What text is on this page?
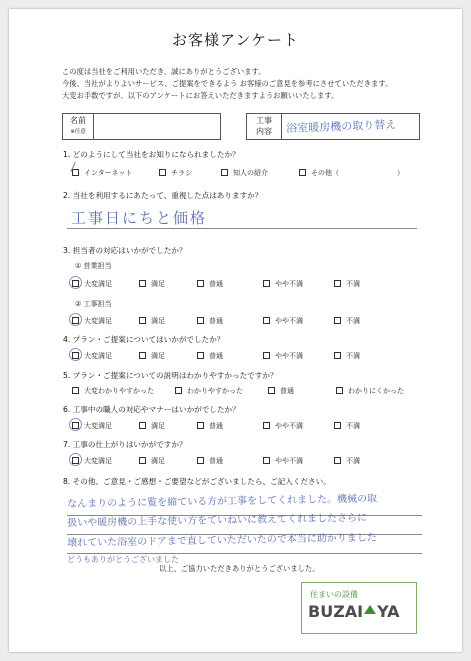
お客様アンケート
この度は当社をご利用いただき、誠にありがとうございます。
今後、当社がよりよいサービス、ご提案をできるよう お客様のご意見を参考にさせていただきます。
大変お手数ですが、以下のアンケートにお答えいただきますようお願いいたします。
名前
※任意
工事
内容	浴室暖房機の取り替え
1. どのようにして当社をお知りになられましたか？
インターネット
/	チラシ	知人の紹介	その他（	）
2. 当社を利用するにあたって、重視した点はありますか？
工事日にちと価格
3. 担当者の対応はいかがでしたか？
① 営業担当
② 工事担当
4. プラン・ご提案についてはいかがでしたか？
5. プラン・ご提案についての説明はわかりやすかったですか？
大変わかりやすかった	わかりやすかった	普通	わかりにくかった
6. 工事中の職人の対応やマナーはいかがでしたか？
7. 工事の仕上がりはいかがですか？
8. その他、ご意見・ご感想・ご要望などがございましたら、ご記入ください。
なんまりのように覧を縮ている方が工事をしてくれました。機械の取
扱いや暖房機の上手な使い方をていねいに教えてくれましたさらに
壊れていた浴室のドアまで直していただいたので本当に助かりました
どうもありがとうございました
以上、ご協力いただきありがとうございました。
住まいの設備
BUZAI YA
大変満足	満足	普通	やや不満	不満
大変満足	満足	普通	やや不満	不満
大変満足	満足	普通	やや不満	不満
大変満足	満足	普通	やや不満	不満
大変満足	満足	普通	やや不満	不満
